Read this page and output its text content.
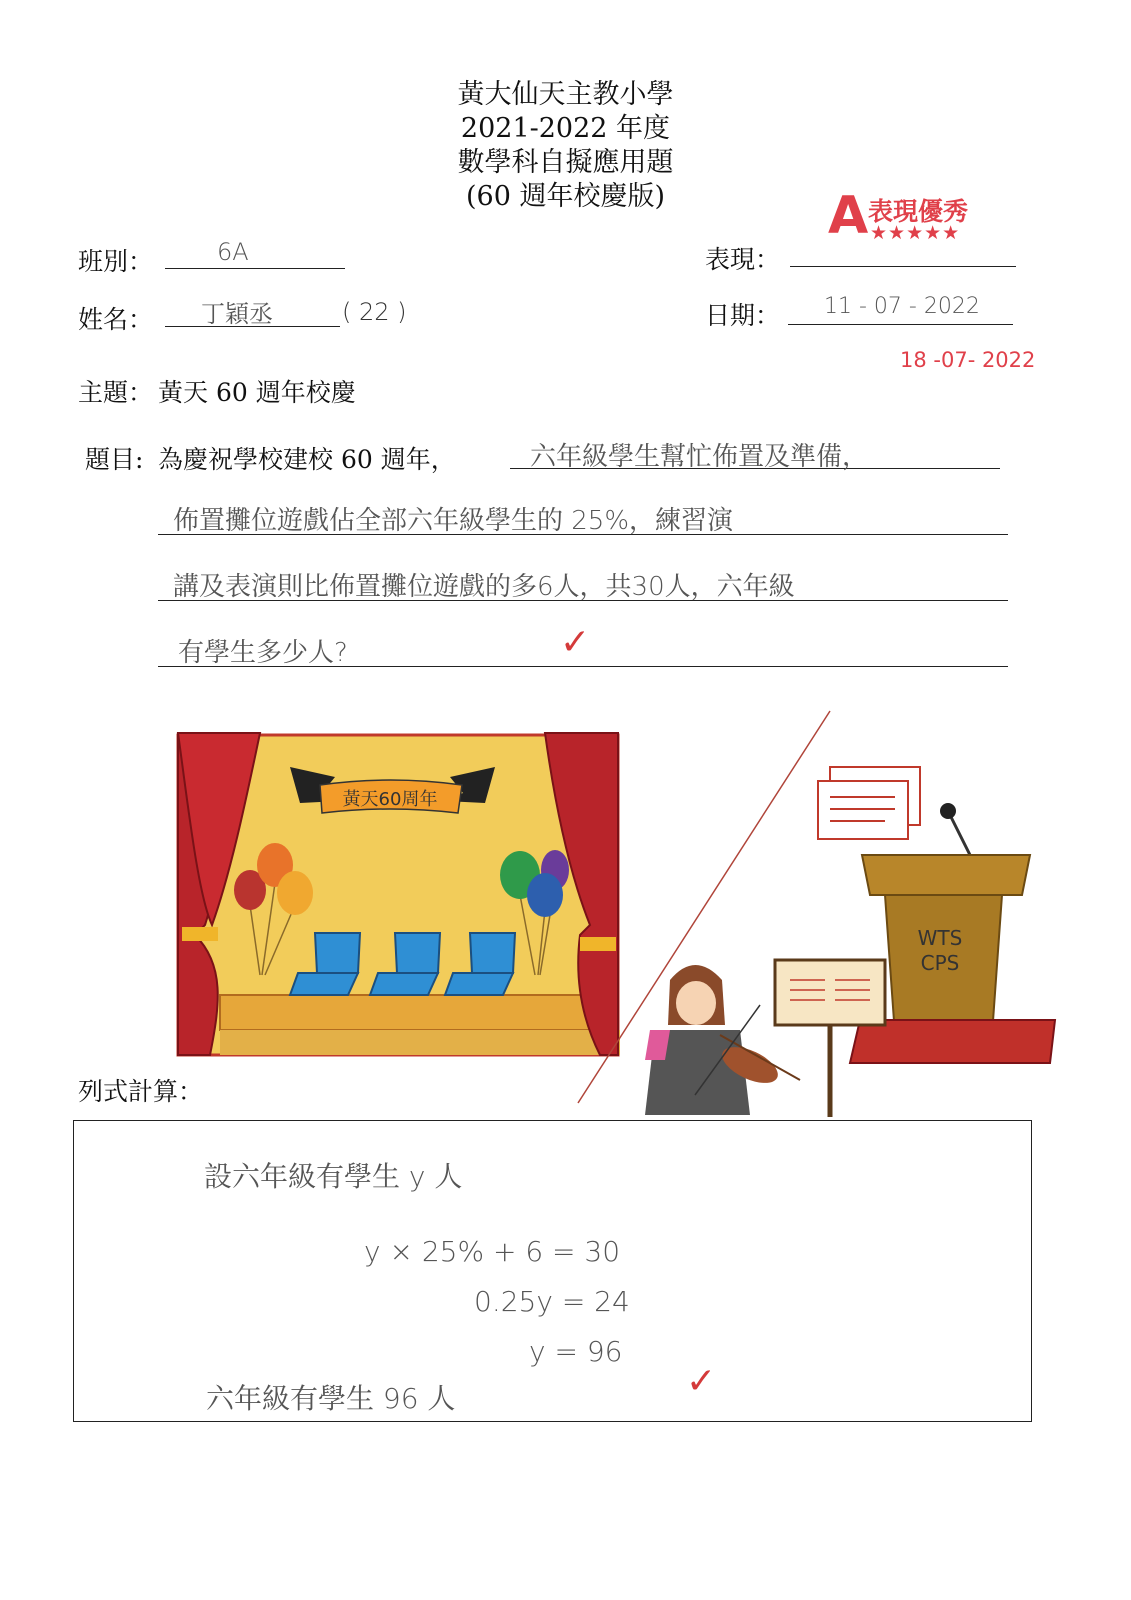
黃大仙天主教小學
2021-2022 年度
數學科自擬應用題
(60 週年校慶版)	A 表現優秀
★★★★★
班別：	6A	表現：
姓名： 丁穎丞	( 22 )	日期： 11 - 07 - 2022
18 -07- 2022
主題： 黃天 60 週年校慶
題目: 為慶祝學校建校 60 週年，	六年級學生幫忙佈置及準備，
佈置攤位遊戲佔全部六年級學生的 25%，練習演
講及表演則比佈置攤位遊戲的多6人，共30人，六年級
有學生多少人?	✓
黃天60周年
WTS
CPS
列式計算：
設六年級有學生 y 人
y × 25% + 6 = 30
0.25y = 24
y = 96
六年級有學生 96 人	✓
